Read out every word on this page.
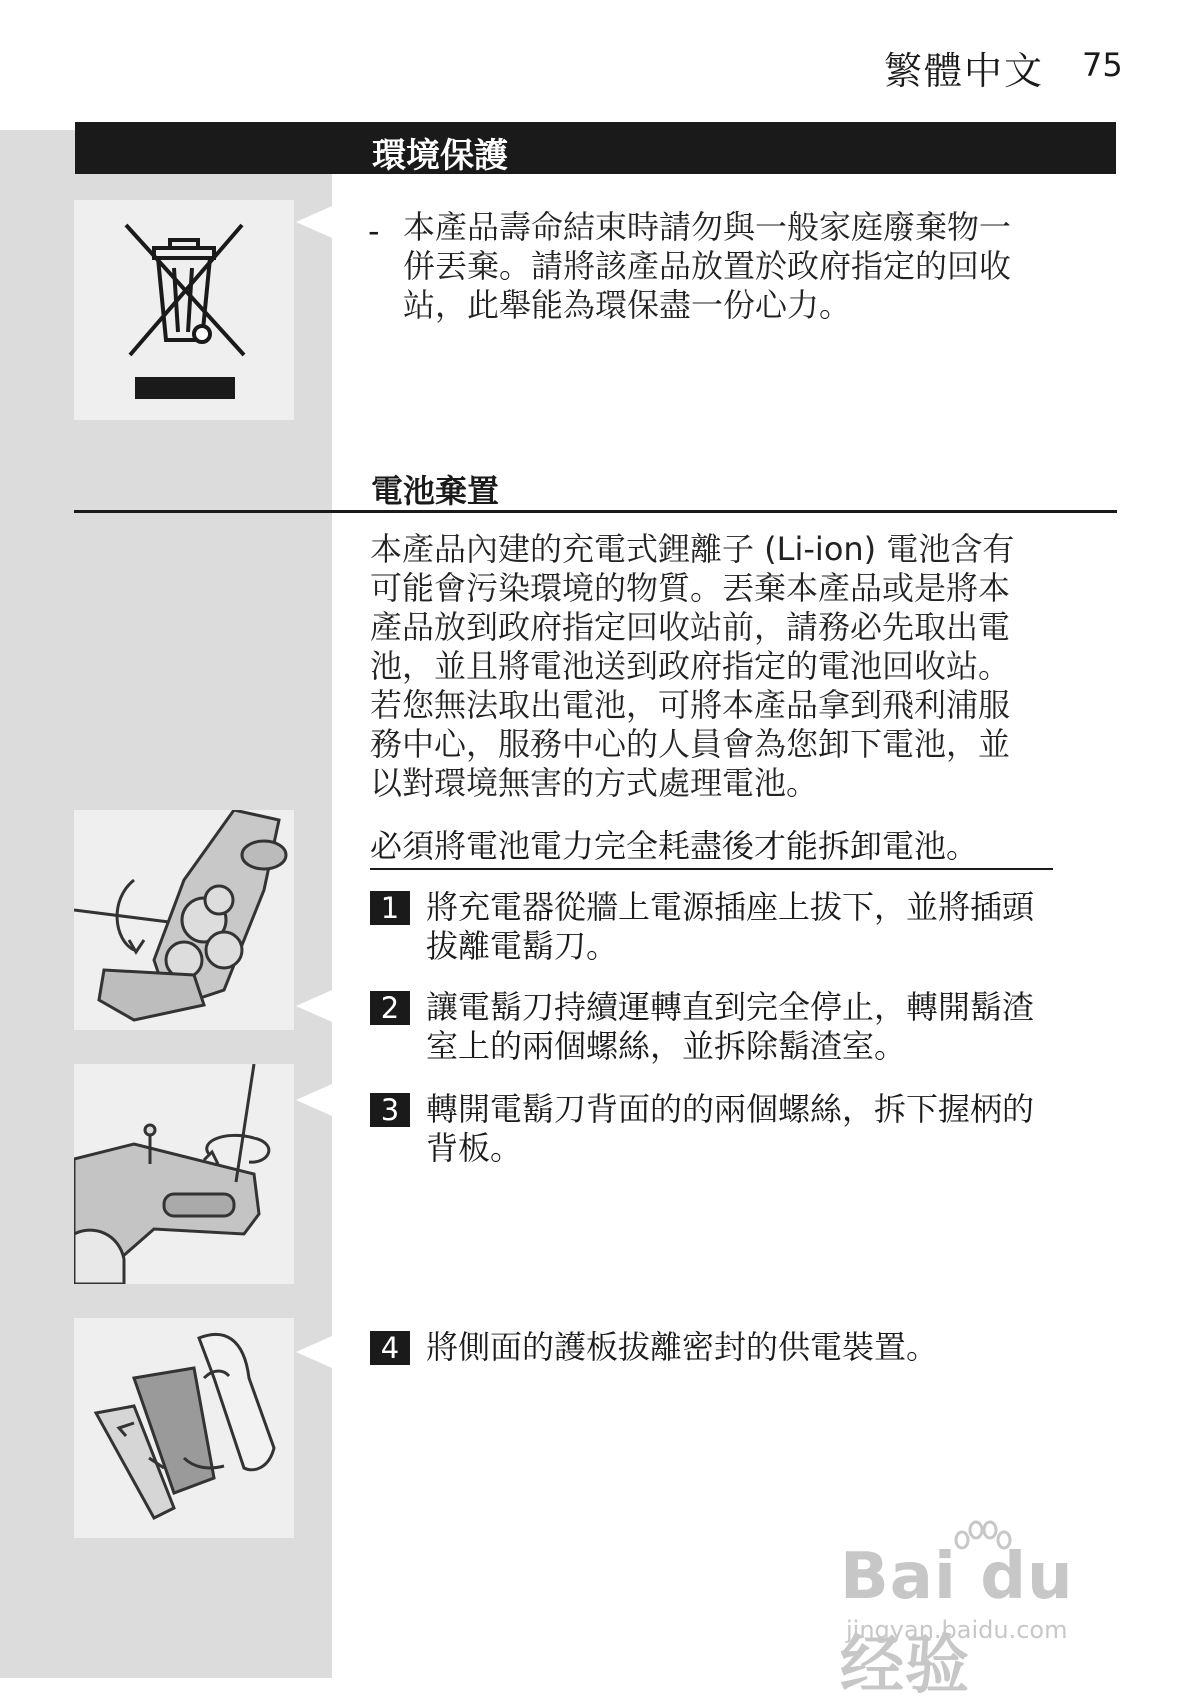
繁體中文 75
環境保護
- 本產品壽命結束時請勿與一般家庭廢棄物一
併丟棄。請將該產品放置於政府指定的回收
站，此舉能為環保盡一份心力。
電池棄置
本產品內建的充電式鋰離子 (Li-ion) 電池含有
可能會污染環境的物質。丟棄本產品或是將本
產品放到政府指定回收站前，請務必先取出電
池，並且將電池送到政府指定的電池回收站。
若您無法取出電池，可將本產品拿到飛利浦服
務中心，服務中心的人員會為您卸下電池，並
以對環境無害的方式處理電池。
必須將電池電力完全耗盡後才能拆卸電池。
1 將充電器從牆上電源插座上拔下，並將插頭
拔離電鬍刀。
2 讓電鬍刀持續運轉直到完全停止，轉開鬍渣
室上的兩個螺絲，並拆除鬍渣室。
3 轉開電鬍刀背面的的兩個螺絲，拆下握柄的
背板。
4 將側面的護板拔離密封的供電裝置。
Bai du 经验
jingyan.baidu.com
